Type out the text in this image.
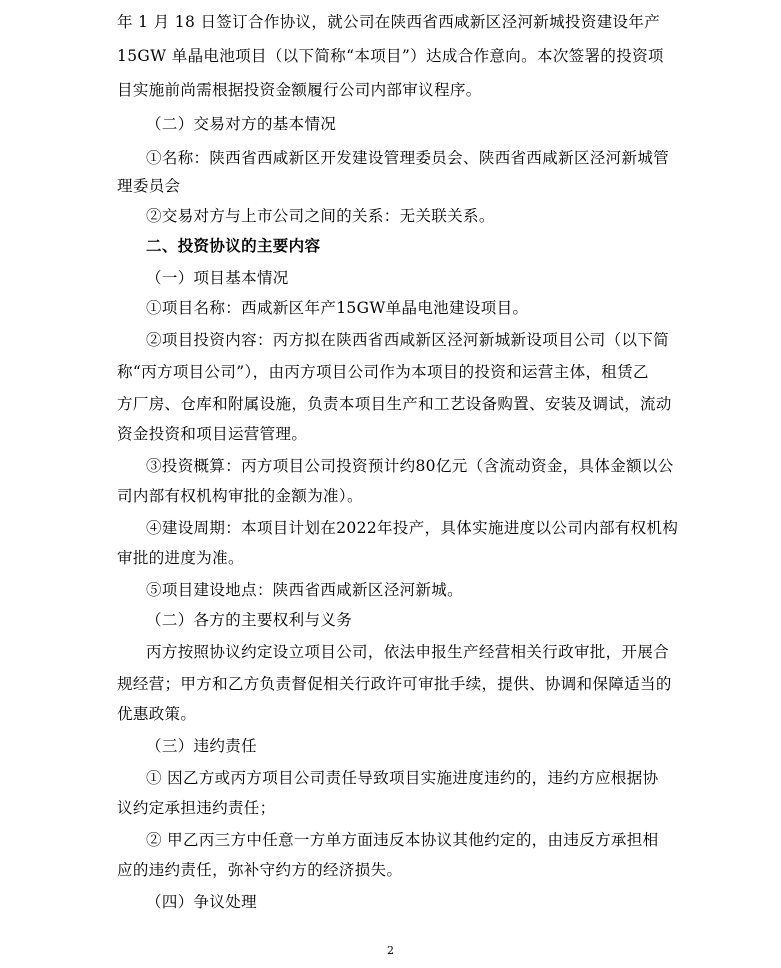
年 1 月 18 日签订合作协议，就公司在陕西省西咸新区泾河新城投资建设年产
15GW 单晶电池项目（以下简称“本项目”）达成合作意向。本次签署的投资项
目实施前尚需根据投资金额履行公司内部审议程序。
（二）交易对方的基本情况
①名称：陕西省西咸新区开发建设管理委员会、陕西省西咸新区泾河新城管
理委员会
②交易对方与上市公司之间的关系：无关联关系。
二、投资协议的主要内容
（一）项目基本情况
①项目名称：西咸新区年产15GW单晶电池建设项目。
②项目投资内容：丙方拟在陕西省西咸新区泾河新城新设项目公司（以下简
称“丙方项目公司”），由丙方项目公司作为本项目的投资和运营主体，租赁乙
方厂房、仓库和附属设施，负责本项目生产和工艺设备购置、安装及调试，流动
资金投资和项目运营管理。
③投资概算：丙方项目公司投资预计约80亿元（含流动资金，具体金额以公
司内部有权机构审批的金额为准）。
④建设周期：本项目计划在2022年投产，具体实施进度以公司内部有权机构
审批的进度为准。
⑤项目建设地点：陕西省西咸新区泾河新城。
（二）各方的主要权利与义务
丙方按照协议约定设立项目公司，依法申报生产经营相关行政审批，开展合
规经营；甲方和乙方负责督促相关行政许可审批手续，提供、协调和保障适当的
优惠政策。
（三）违约责任
① 因乙方或丙方项目公司责任导致项目实施进度违约的，违约方应根据协
议约定承担违约责任；
② 甲乙丙三方中任意一方单方面违反本协议其他约定的，由违反方承担相
应的违约责任，弥补守约方的经济损失。
（四）争议处理
2
